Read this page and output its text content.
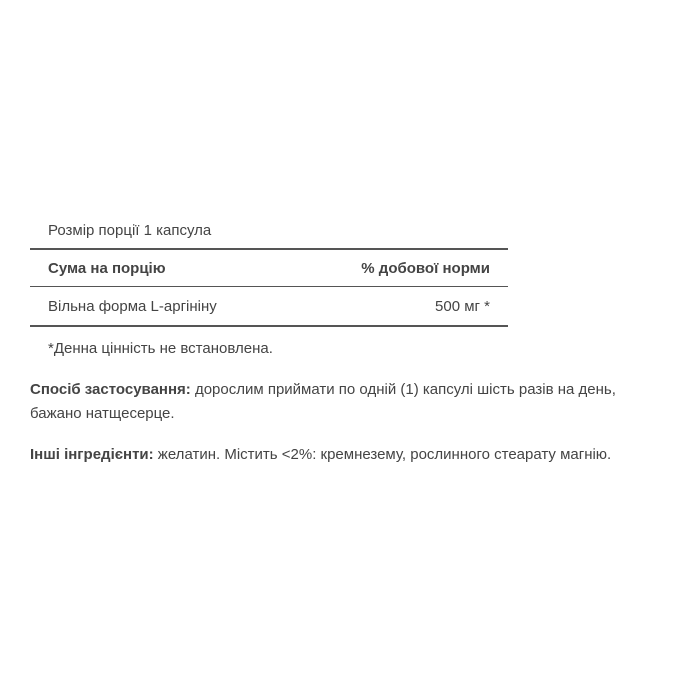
Розмір порції 1 капсула
Сума на порцію	% добової норми
Вільна форма L-аргініну	500 мг *
*Денна цінність не встановлена.
Спосіб застосування: дорослим приймати по одній (1) капсулі шість разів на день, бажано натщесерце.
Інші інгредієнти: желатин. Містить <2%: кремнезему, рослинного стеарату магнію.
